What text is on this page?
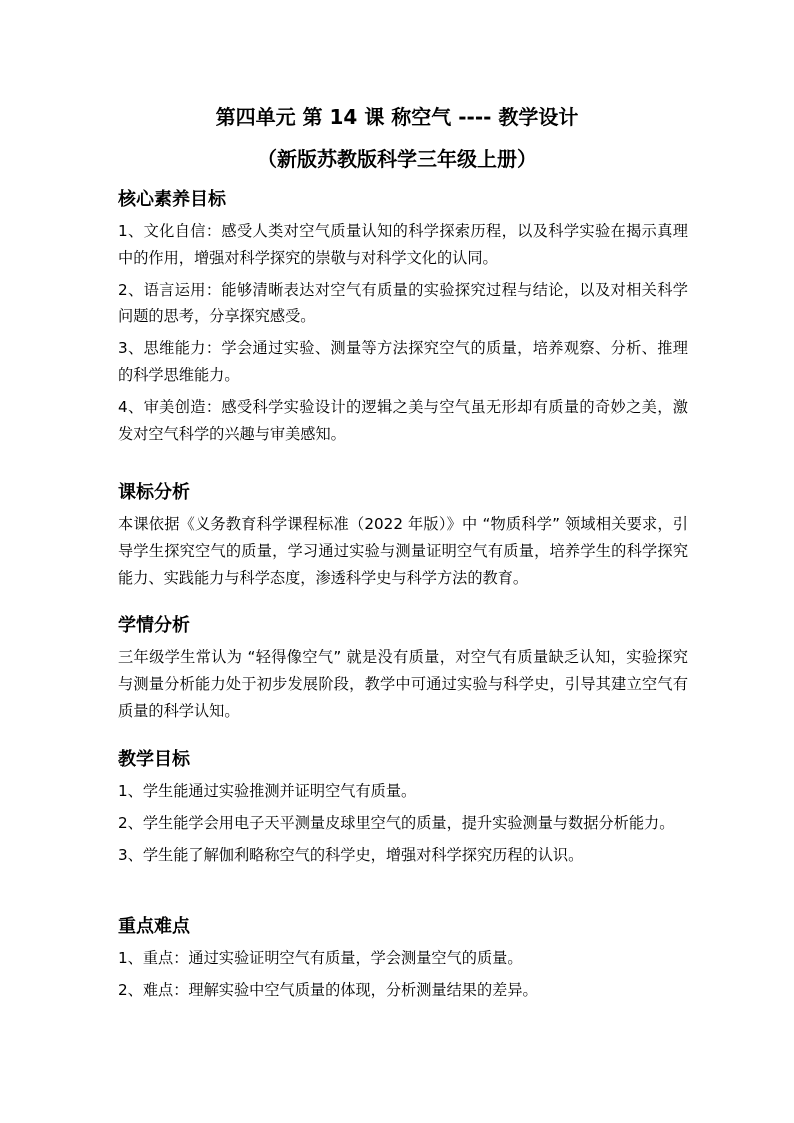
第四单元 第 14 课 称空气 ---- 教学设计
（新版苏教版科学三年级上册）
核心素养目标
1、文化自信：感受人类对空气质量认知的科学探索历程，以及科学实验在揭示真理中的作用，增强对科学探究的崇敬与对科学文化的认同。
2、语言运用：能够清晰表达对空气有质量的实验探究过程与结论，以及对相关科学问题的思考，分享探究感受。
3、思维能力：学会通过实验、测量等方法探究空气的质量，培养观察、分析、推理的科学思维能力。
4、审美创造：感受科学实验设计的逻辑之美与空气虽无形却有质量的奇妙之美，激发对空气科学的兴趣与审美感知。
课标分析
本课依据《义务教育科学课程标准（2022 年版）》中 “物质科学” 领域相关要求，引导学生探究空气的质量，学习通过实验与测量证明空气有质量，培养学生的科学探究能力、实践能力与科学态度，渗透科学史与科学方法的教育。
学情分析
三年级学生常认为 “轻得像空气” 就是没有质量，对空气有质量缺乏认知，实验探究与测量分析能力处于初步发展阶段，教学中可通过实验与科学史，引导其建立空气有质量的科学认知。
教学目标
1、学生能通过实验推测并证明空气有质量。
2、学生能学会用电子天平测量皮球里空气的质量，提升实验测量与数据分析能力。
3、学生能了解伽利略称空气的科学史，增强对科学探究历程的认识。
重点难点
1、重点：通过实验证明空气有质量，学会测量空气的质量。
2、难点：理解实验中空气质量的体现，分析测量结果的差异。
